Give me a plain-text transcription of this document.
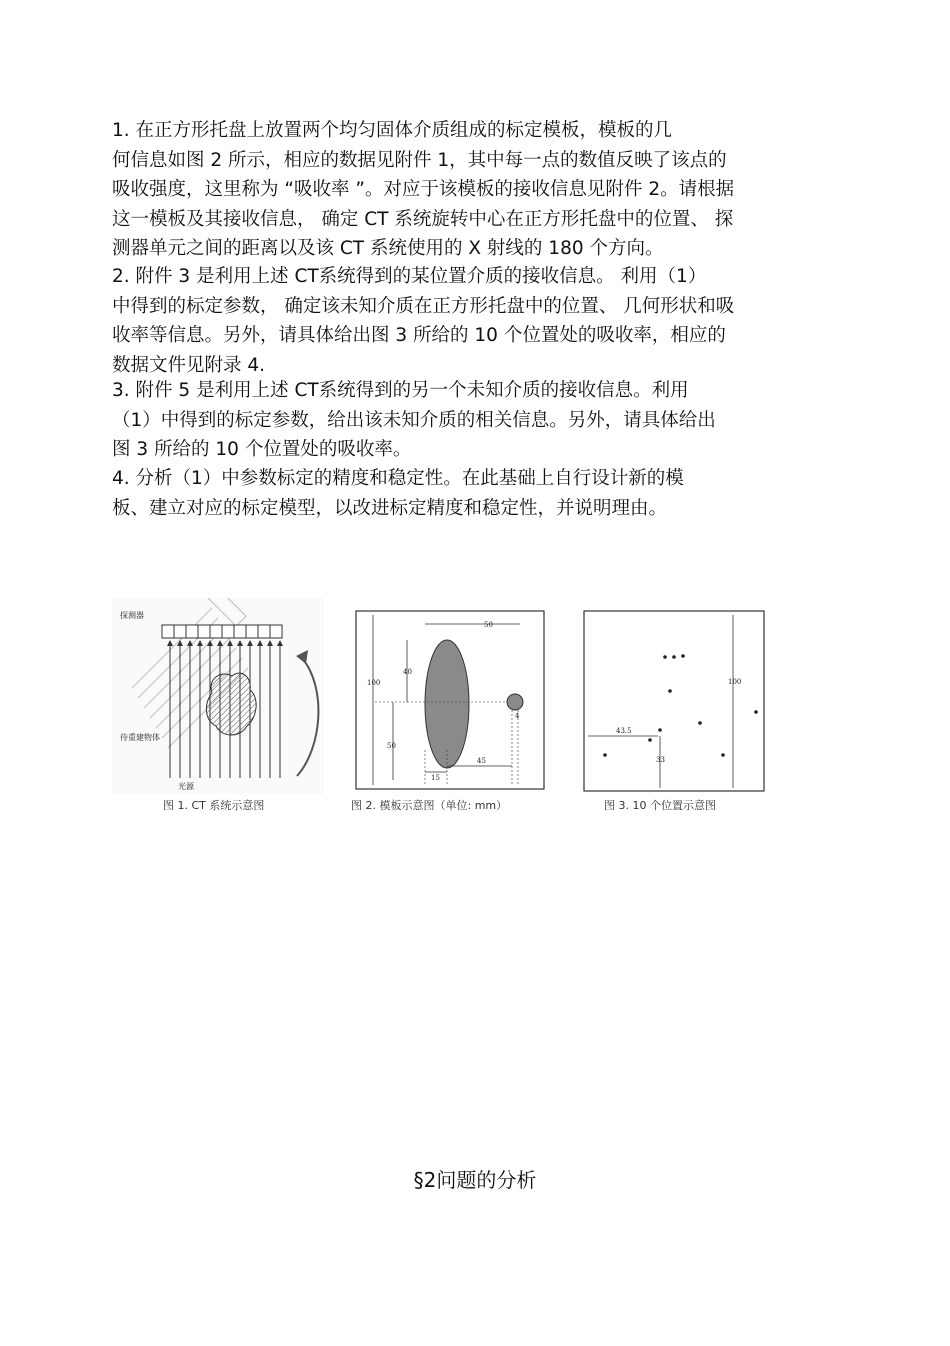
1. 在正方形托盘上放置两个均匀固体介质组成的标定模板，模板的几
何信息如图 2 所示，相应的数据见附件 1，其中每一点的数值反映了该点的
吸收强度，这里称为 “吸收率 ”。对应于该模板的接收信息见附件 2。请根据
这一模板及其接收信息， 确定 CT 系统旋转中心在正方形托盘中的位置、 探
测器单元之间的距离以及该 CT 系统使用的 X 射线的 180 个方向。
2. 附件 3 是利用上述 CT系统得到的某位置介质的接收信息。 利用（1）
中得到的标定参数， 确定该未知介质在正方形托盘中的位置、 几何形状和吸
收率等信息。另外，请具体给出图 3 所给的 10 个位置处的吸收率，相应的
数据文件见附录 4.
3. 附件 5 是利用上述 CT系统得到的另一个未知介质的接收信息。利用
（1）中得到的标定参数，给出该未知介质的相关信息。另外，请具体给出
图 3 所给的 10 个位置处的吸收率。
4. 分析（1）中参数标定的精度和稳定性。在此基础上自行设计新的模
板、建立对应的标定模型，以改进标定精度和稳定性，并说明理由。
探测器
待重建物体
光源
图 1. CT 系统示意图
50
100
40
50
4
45
15
图 2. 模板示意图（单位: mm）
100
43.5
33
图 3. 10 个位置示意图
§2问题的分析
